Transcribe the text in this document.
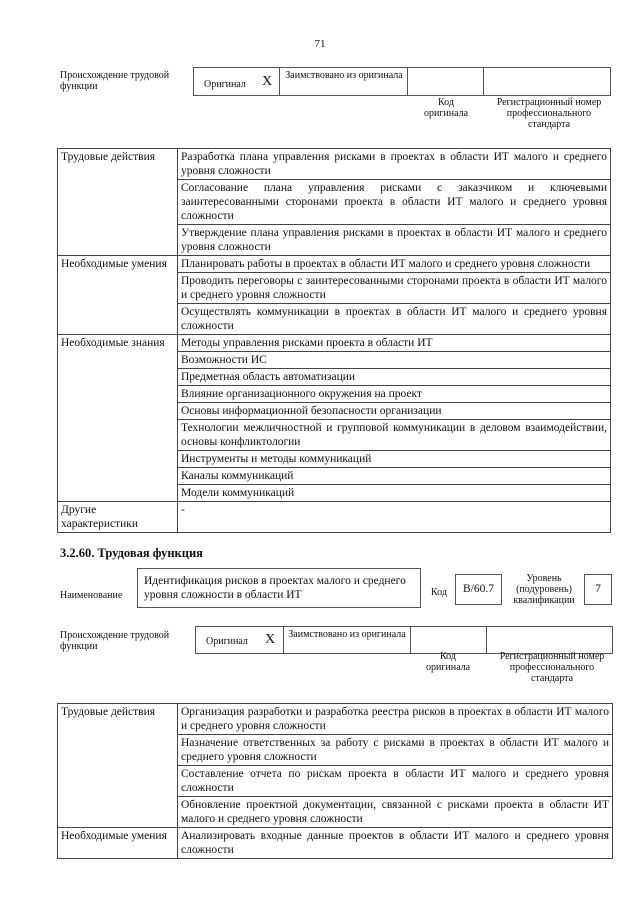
71
Происхождение трудовой функции	Оригинал Х	Заимствовано из оригинала
Код оригинала
Регистрационный номер профессионального стандарта
Трудовые действия	Разработка плана управления рисками в проектах в области ИТ малого и среднего уровня сложности
	Согласование плана управления рисками с заказчиком и ключевыми заинтересованными сторонами проекта в области ИТ малого и среднего уровня сложности
	Утверждение плана управления рисками в проектах в области ИТ малого и среднего уровня сложности
Необходимые умения	Планировать работы в проектах в области ИТ малого и среднего уровня сложности
	Проводить переговоры с заинтересованными сторонами проекта в области ИТ малого и среднего уровня сложности
	Осуществлять коммуникации в проектах в области ИТ малого и среднего уровня сложности
Необходимые знания	Методы управления рисками проекта в области ИТ
	Возможности ИС
	Предметная область автоматизации
	Влияние организационного окружения на проект
	Основы информационной безопасности организации
	Технологии межличностной и групповой коммуникации в деловом взаимодействии, основы конфликтологии
	Инструменты и методы коммуникаций
	Каналы коммуникаций
	Модели коммуникаций
Другие характеристики	-
3.2.60. Трудовая функция
Наименование
Идентификация рисков в проектах малого и среднего уровня сложности в области ИТ	Код	B/60.7
Уровень (подуровень) квалификации
7
Происхождение трудовой функции	Оригинал Х Заимствовано из оригинала
Код оригинала
Регистрационный номер профессионального стандарта
Трудовые действия	Организация разработки и разработка реестра рисков в проектах в области ИТ малого и среднего уровня сложности
	Назначение ответственных за работу с рисками в проектах в области ИТ малого и среднего уровня сложности
	Составление отчета по рискам проекта в области ИТ малого и среднего уровня сложности
	Обновление проектной документации, связанной с рисками проекта в области ИТ малого и среднего уровня сложности
Необходимые умения	Анализировать входные данные проектов в области ИТ малого и среднего уровня сложности
